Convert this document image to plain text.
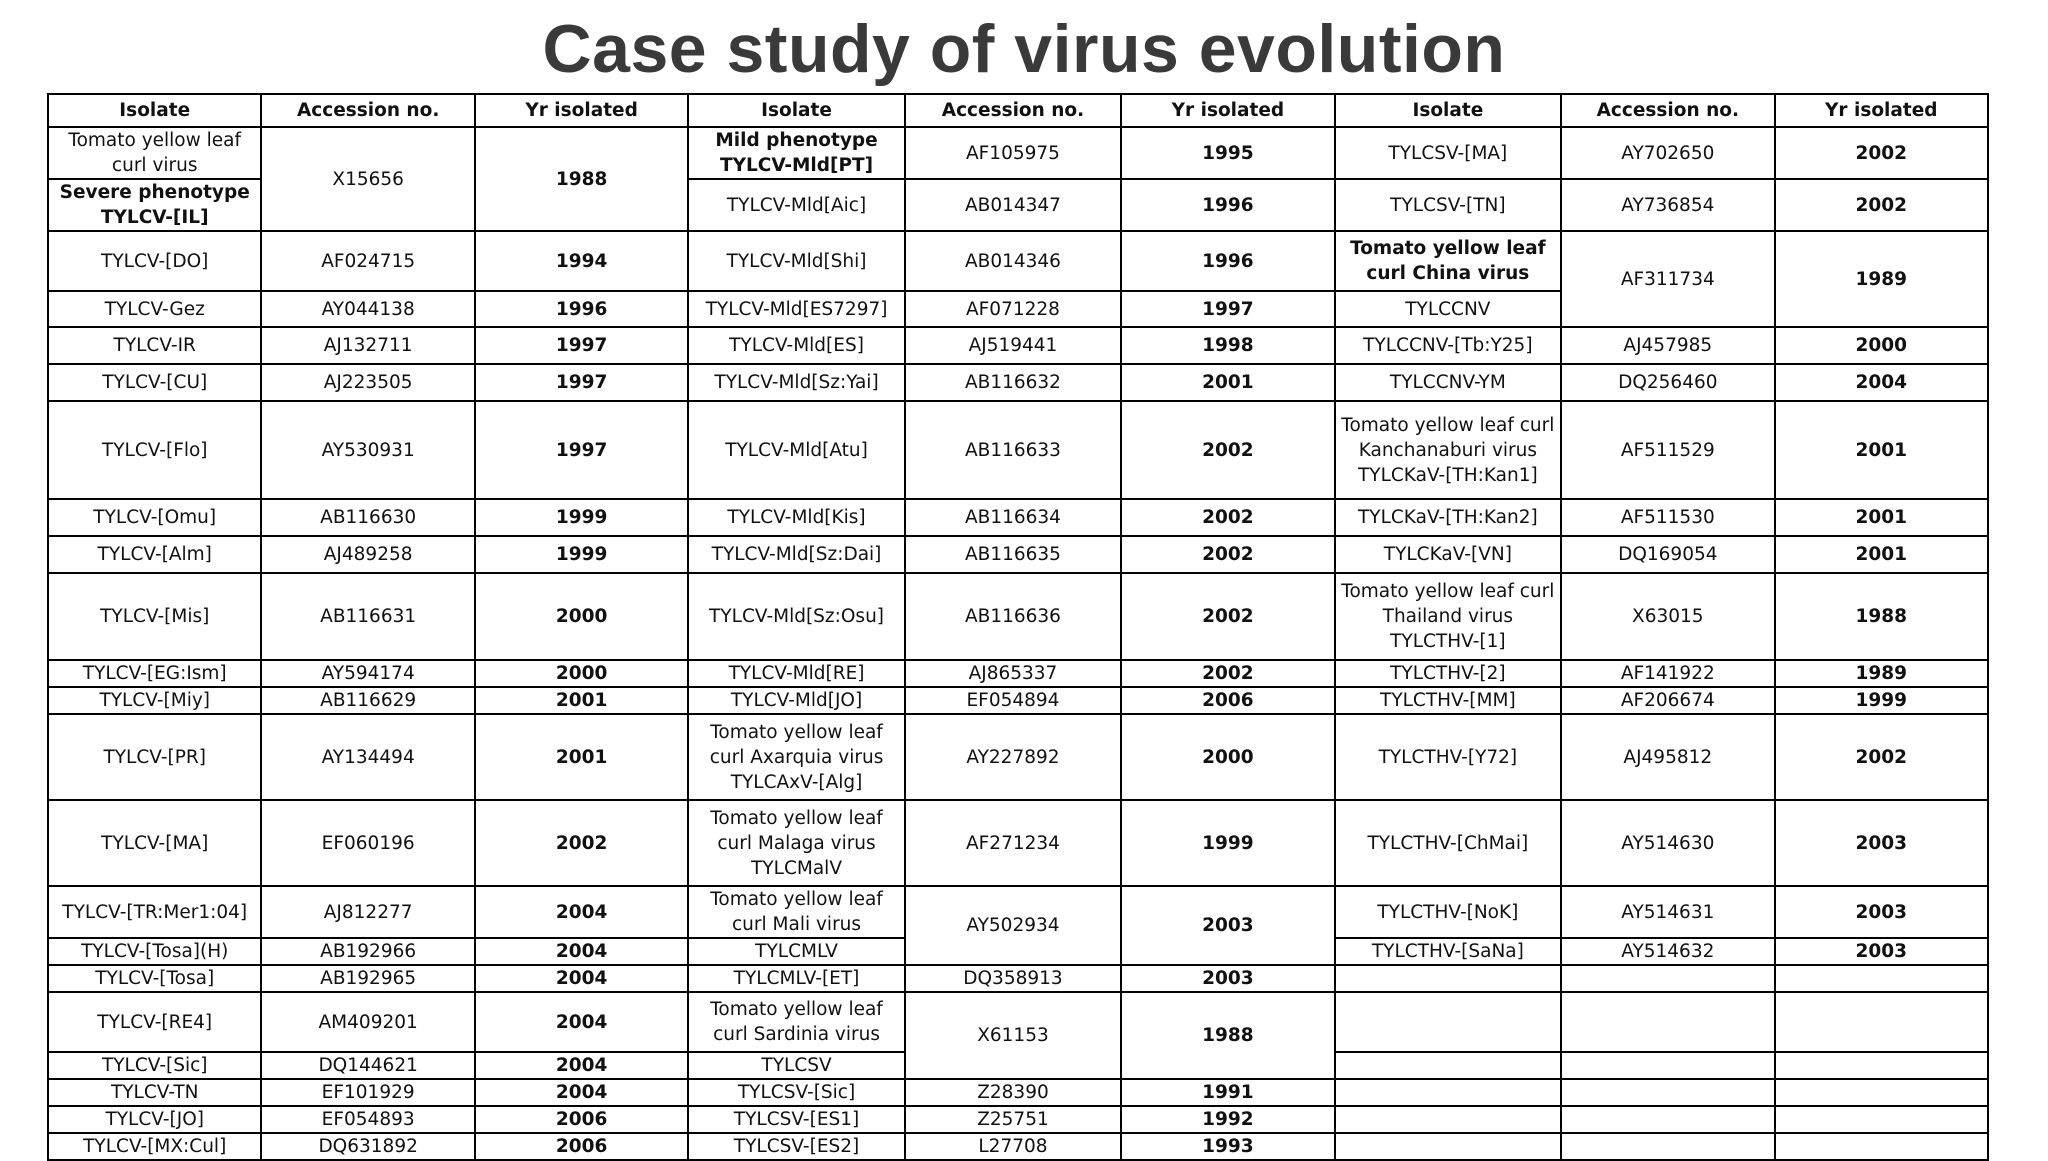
Case study of virus evolution
Isolate	Accession no.	Yr isolated	Isolate	Accession no.	Yr isolated	Isolate	Accession no.	Yr isolated
Tomato yellow leaf curl virus	X15656	1988	Mild phenotype TYLCV-Mld[PT]	AF105975	1995	TYLCSV-[MA]	AY702650	2002
Severe phenotype TYLCV-[IL]			TYLCV-Mld[Aic]	AB014347	1996	TYLCSV-[TN]	AY736854	2002
TYLCV-[DO]	AF024715	1994	TYLCV-Mld[Shi]	AB014346	1996	Tomato yellow leaf curl China virus	AF311734	1989
TYLCV-Gez	AY044138	1996	TYLCV-Mld[ES7297]	AF071228	1997	TYLCCNV		
TYLCV-IR	AJ132711	1997	TYLCV-Mld[ES]	AJ519441	1998	TYLCCNV-[Tb:Y25]	AJ457985	2000
TYLCV-[CU]	AJ223505	1997	TYLCV-Mld[Sz:Yai]	AB116632	2001	TYLCCNV-YM	DQ256460	2004
TYLCV-[Flo]	AY530931	1997	TYLCV-Mld[Atu]	AB116633	2002	Tomato yellow leaf curl Kanchanaburi virus TYLCKaV-[TH:Kan1]	AF511529	2001
TYLCV-[Omu]	AB116630	1999	TYLCV-Mld[Kis]	AB116634	2002	TYLCKaV-[TH:Kan2]	AF511530	2001
TYLCV-[Alm]	AJ489258	1999	TYLCV-Mld[Sz:Dai]	AB116635	2002	TYLCKaV-[VN]	DQ169054	2001
TYLCV-[Mis]	AB116631	2000	TYLCV-Mld[Sz:Osu]	AB116636	2002	Tomato yellow leaf curl Thailand virus TYLCTHV-[1]	X63015	1988
TYLCV-[EG:Ism]	AY594174	2000	TYLCV-Mld[RE]	AJ865337	2002	TYLCTHV-[2]	AF141922	1989
TYLCV-[Miy]	AB116629	2001	TYLCV-Mld[JO]	EF054894	2006	TYLCTHV-[MM]	AF206674	1999
TYLCV-[PR]	AY134494	2001	Tomato yellow leaf curl Axarquia virus TYLCAxV-[Alg]	AY227892	2000	TYLCTHV-[Y72]	AJ495812	2002
TYLCV-[MA]	EF060196	2002	Tomato yellow leaf curl Malaga virus TYLCMalV	AF271234	1999	TYLCTHV-[ChMai]	AY514630	2003
TYLCV-[TR:Mer1:04]	AJ812277	2004	Tomato yellow leaf curl Mali virus	AY502934	2003	TYLCTHV-[NoK]	AY514631	2003
TYLCV-[Tosa](H)	AB192966	2004	TYLCMLV			TYLCTHV-[SaNa]	AY514632	2003
TYLCV-[Tosa]	AB192965	2004	TYLCMLV-[ET]	DQ358913	2003			
TYLCV-[RE4]	AM409201	2004	Tomato yellow leaf curl Sardinia virus	X61153	1988			
TYLCV-[Sic]	DQ144621	2004	TYLCSV					
TYLCV-TN	EF101929	2004	TYLCSV-[Sic]	Z28390	1991			
TYLCV-[JO]	EF054893	2006	TYLCSV-[ES1]	Z25751	1992			
TYLCV-[MX:Cul]	DQ631892	2006	TYLCSV-[ES2]	L27708	1993			
